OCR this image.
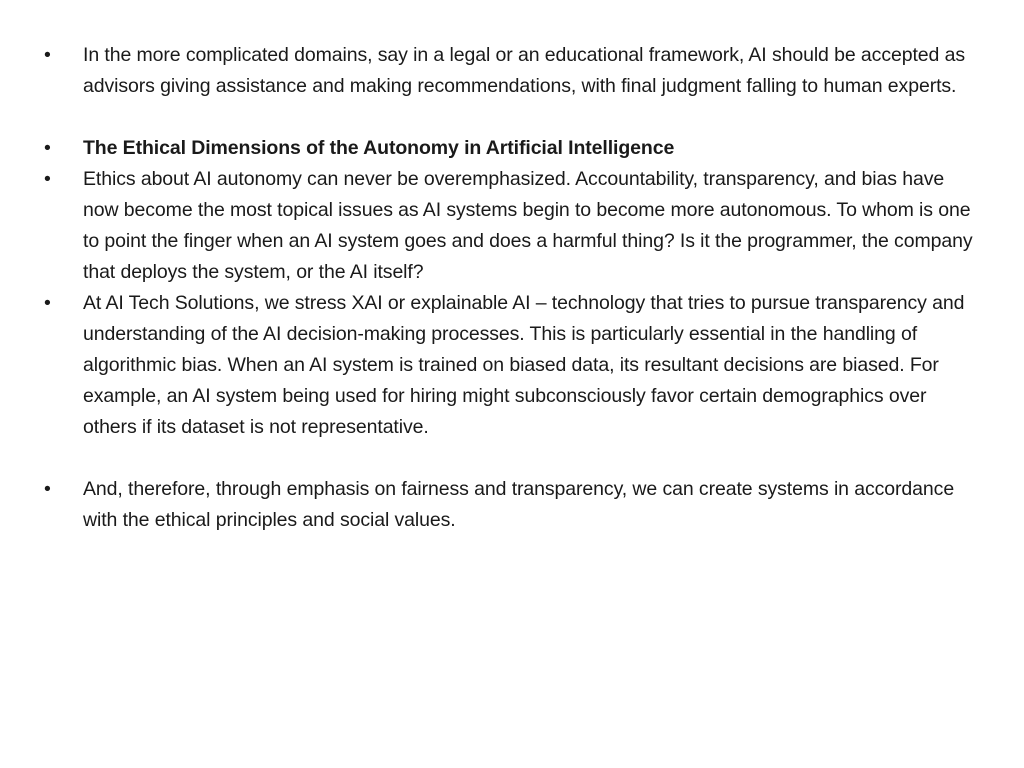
• In the more complicated domains, say in a legal or an educational framework, AI should be accepted as advisors giving assistance and making recommendations, with final judgment falling to human experts.
• The Ethical Dimensions of the Autonomy in Artificial Intelligence
• Ethics about AI autonomy can never be overemphasized. Accountability, transparency, and bias have now become the most topical issues as AI systems begin to become more autonomous. To whom is one to point the finger when an AI system goes and does a harmful thing? Is it the programmer, the company that deploys the system, or the AI itself?
• At AI Tech Solutions, we stress XAI or explainable AI – technology that tries to pursue transparency and understanding of the AI decision-making processes. This is particularly essential in the handling of algorithmic bias. When an AI system is trained on biased data, its resultant decisions are biased. For example, an AI system being used for hiring might subconsciously favor certain demographics over others if its dataset is not representative.
• And, therefore, through emphasis on fairness and transparency, we can create systems in accordance with the ethical principles and social values.
